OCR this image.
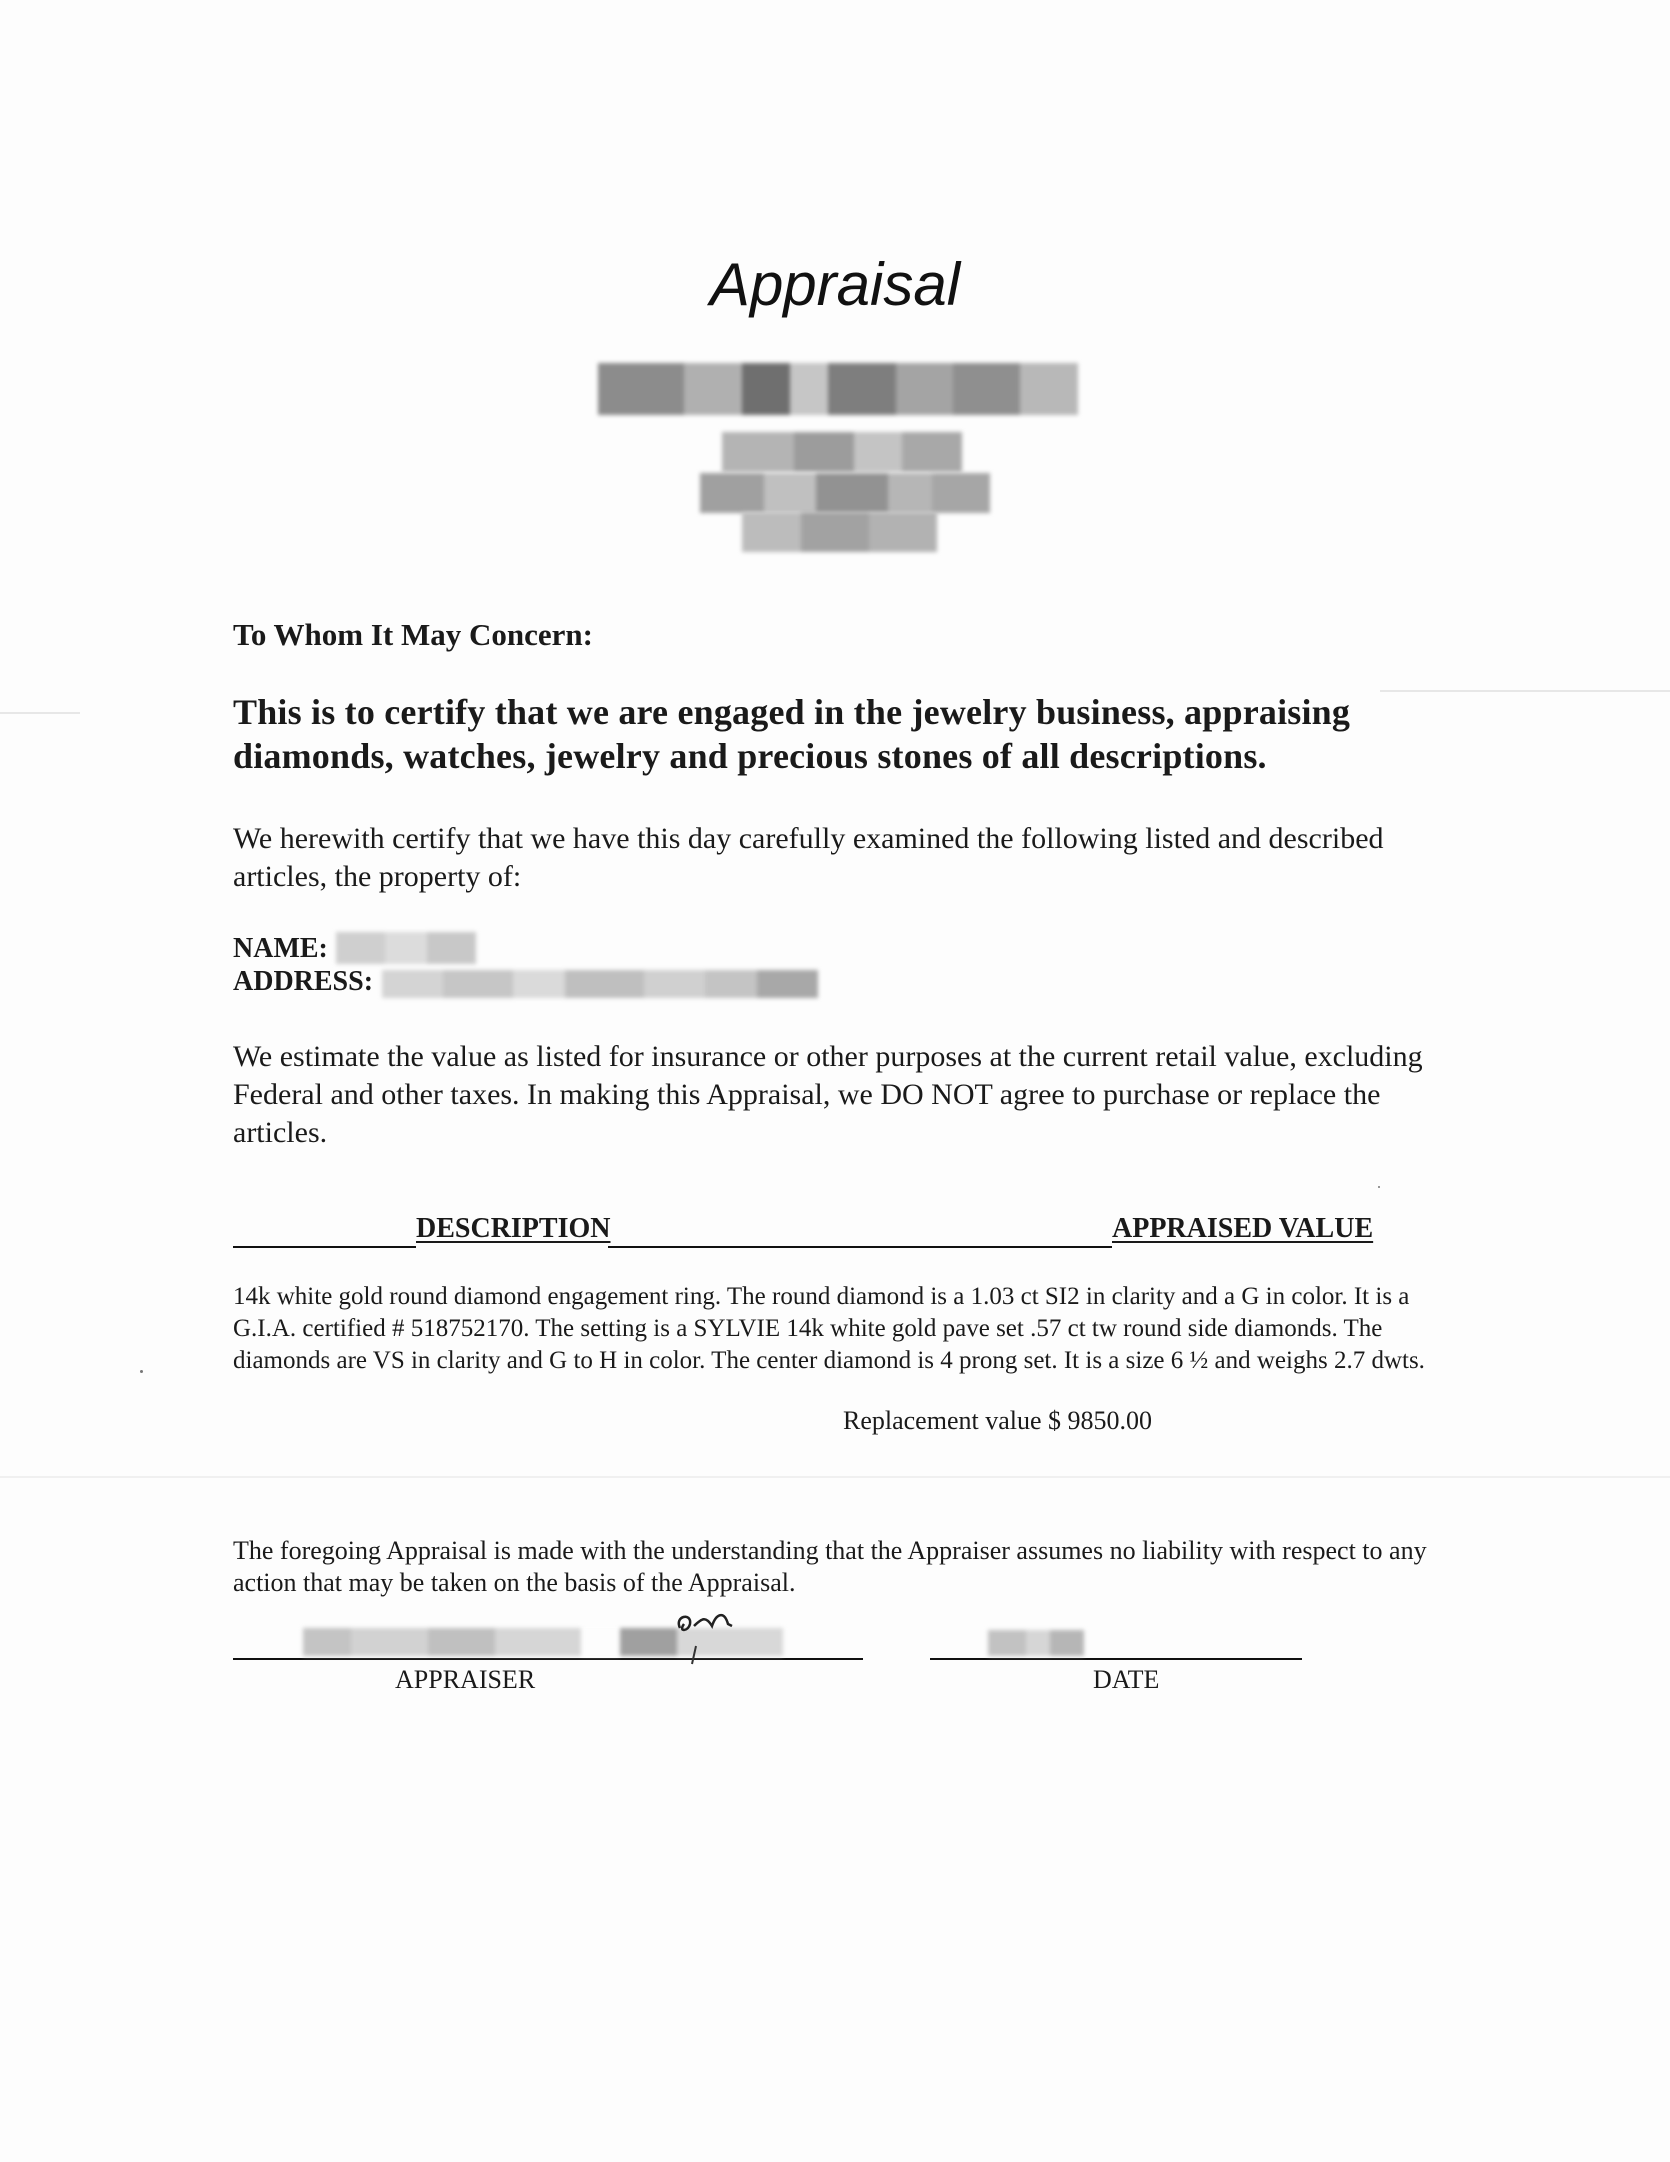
Appraisal
To Whom It May Concern:
This is to certify that we are engaged in the jewelry business, appraising diamonds, watches, jewelry and precious stones of all descriptions.
We herewith certify that we have this day carefully examined the following listed and described articles, the property of:
NAME:
ADDRESS:
We estimate the value as listed for insurance or other purposes at the current retail value, excluding Federal and other taxes. In making this Appraisal, we DO NOT agree to purchase or replace the articles.
DESCRIPTION	APPRAISED VALUE
14k white gold round diamond engagement ring. The round diamond is a 1.03 ct SI2 in clarity and a G in color. It is a G.I.A. certified # 518752170. The setting is a SYLVIE 14k white gold pave set .57 ct tw round side diamonds. The diamonds are VS in clarity and G to H in color. The center diamond is 4 prong set. It is a size 6 ½ and weighs 2.7 dwts.
Replacement value $ 9850.00
The foregoing Appraisal is made with the understanding that the Appraiser assumes no liability with respect to any action that may be taken on the basis of the Appraisal.
APPRAISER	DATE
